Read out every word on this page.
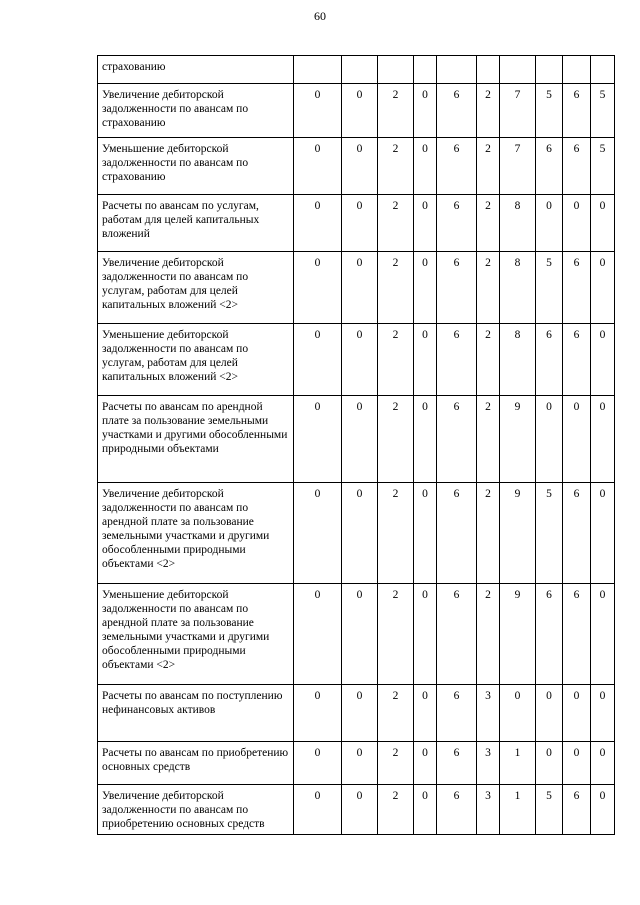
60
страхованию										
Увеличение дебиторской задолженности по авансам по страхованию	0	0	2	0	6	2	7	5	6	5
Уменьшение дебиторской задолженности по авансам по страхованию	0	0	2	0	6	2	7	6	6	5
Расчеты по авансам по услугам, работам для целей капитальных вложений	0	0	2	0	6	2	8	0	0	0
Увеличение дебиторской задолженности по авансам по услугам, работам для целей капитальных вложений <2>	0	0	2	0	6	2	8	5	6	0
Уменьшение дебиторской задолженности по авансам по услугам, работам для целей капитальных вложений <2>	0	0	2	0	6	2	8	6	6	0
Расчеты по авансам по арендной плате за пользование земельными участками и другими обособленными природными объектами	0	0	2	0	6	2	9	0	0	0
Увеличение дебиторской задолженности по авансам по арендной плате за пользование земельными участками и другими обособленными природными объектами <2>	0	0	2	0	6	2	9	5	6	0
Уменьшение дебиторской задолженности по авансам по арендной плате за пользование земельными участками и другими обособленными природными объектами <2>	0	0	2	0	6	2	9	6	6	0
Расчеты по авансам по поступлению нефинансовых активов	0	0	2	0	6	3	0	0	0	0
Расчеты по авансам по приобретению основных средств	0	0	2	0	6	3	1	0	0	0
Увеличение дебиторской задолженности по авансам по приобретению основных средств	0	0	2	0	6	3	1	5	6	0
